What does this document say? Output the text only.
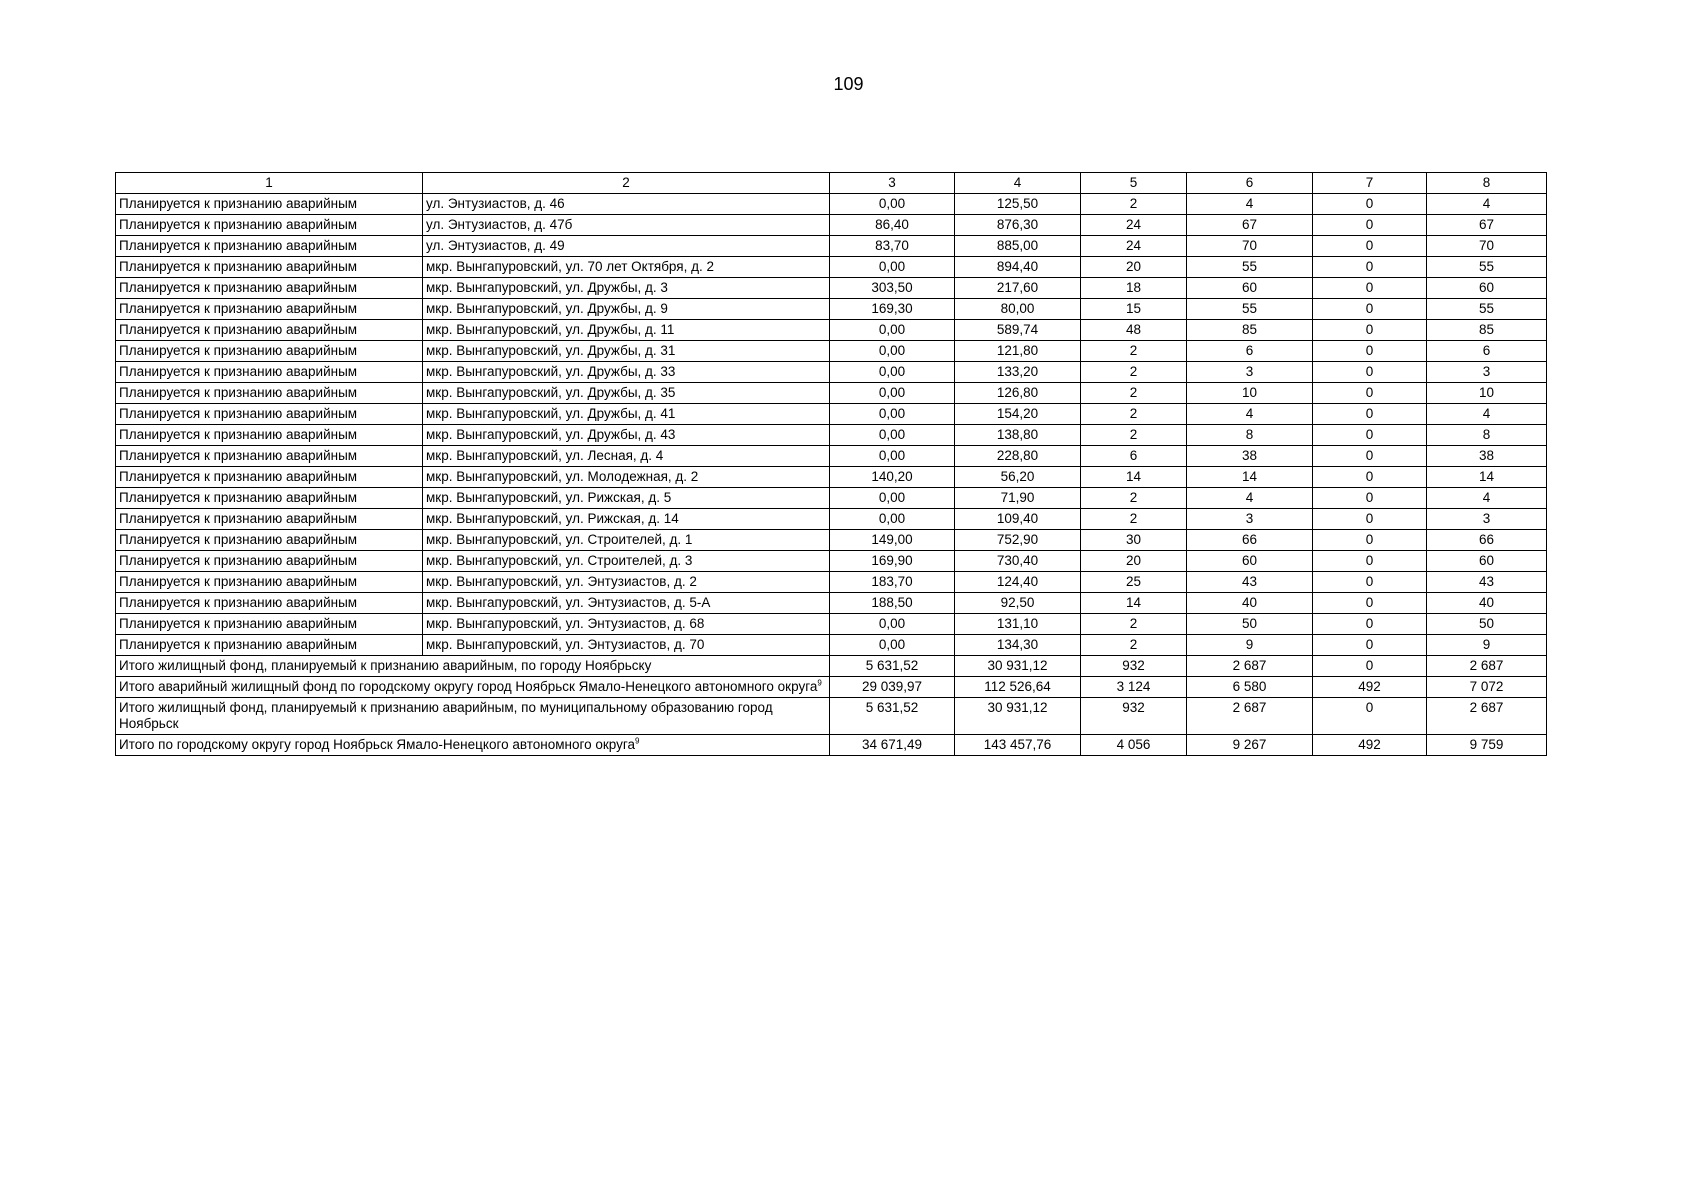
109
1	2	3	4	5	6	7	8
Планируется к признанию аварийным	ул. Энтузиастов, д. 46	0,00	125,50	2	4	0	4
Планируется к признанию аварийным	ул. Энтузиастов, д. 47б	86,40	876,30	24	67	0	67
Планируется к признанию аварийным	ул. Энтузиастов, д. 49	83,70	885,00	24	70	0	70
Планируется к признанию аварийным	мкр. Вынгапуровский, ул. 70 лет Октября, д. 2	0,00	894,40	20	55	0	55
Планируется к признанию аварийным	мкр. Вынгапуровский, ул. Дружбы, д. 3	303,50	217,60	18	60	0	60
Планируется к признанию аварийным	мкр. Вынгапуровский, ул. Дружбы, д. 9	169,30	80,00	15	55	0	55
Планируется к признанию аварийным	мкр. Вынгапуровский, ул. Дружбы, д. 11	0,00	589,74	48	85	0	85
Планируется к признанию аварийным	мкр. Вынгапуровский, ул. Дружбы, д. 31	0,00	121,80	2	6	0	6
Планируется к признанию аварийным	мкр. Вынгапуровский, ул. Дружбы, д. 33	0,00	133,20	2	3	0	3
Планируется к признанию аварийным	мкр. Вынгапуровский, ул. Дружбы, д. 35	0,00	126,80	2	10	0	10
Планируется к признанию аварийным	мкр. Вынгапуровский, ул. Дружбы, д. 41	0,00	154,20	2	4	0	4
Планируется к признанию аварийным	мкр. Вынгапуровский, ул. Дружбы, д. 43	0,00	138,80	2	8	0	8
Планируется к признанию аварийным	мкр. Вынгапуровский, ул. Лесная, д. 4	0,00	228,80	6	38	0	38
Планируется к признанию аварийным	мкр. Вынгапуровский, ул. Молодежная, д. 2	140,20	56,20	14	14	0	14
Планируется к признанию аварийным	мкр. Вынгапуровский, ул. Рижская, д. 5	0,00	71,90	2	4	0	4
Планируется к признанию аварийным	мкр. Вынгапуровский, ул. Рижская, д. 14	0,00	109,40	2	3	0	3
Планируется к признанию аварийным	мкр. Вынгапуровский, ул. Строителей, д. 1	149,00	752,90	30	66	0	66
Планируется к признанию аварийным	мкр. Вынгапуровский, ул. Строителей, д. 3	169,90	730,40	20	60	0	60
Планируется к признанию аварийным	мкр. Вынгапуровский, ул. Энтузиастов, д. 2	183,70	124,40	25	43	0	43
Планируется к признанию аварийным	мкр. Вынгапуровский, ул. Энтузиастов, д. 5-А	188,50	92,50	14	40	0	40
Планируется к признанию аварийным	мкр. Вынгапуровский, ул. Энтузиастов, д. 68	0,00	131,10	2	50	0	50
Планируется к признанию аварийным	мкр. Вынгапуровский, ул. Энтузиастов, д. 70	0,00	134,30	2	9	0	9
Итого жилищный фонд, планируемый к признанию аварийным, по городу Ноябрьску		5 631,52	30 931,12	932	2 687	0	2 687
Итого аварийный жилищный фонд по городскому округу город Ноябрьск Ямало-Ненецкого автономного округа$^9$		29 039,97	112 526,64	3 124	6 580	492	7 072
Итого жилищный фонд, планируемый к признанию аварийным, по муниципальному образованию город Ноябрьск		5 631,52	30 931,12	932	2 687	0	2 687
Итого по городскому округу город Ноябрьск Ямало-Ненецкого автономного округа$^9$		34 671,49	143 457,76	4 056	9 267	492	9 759
